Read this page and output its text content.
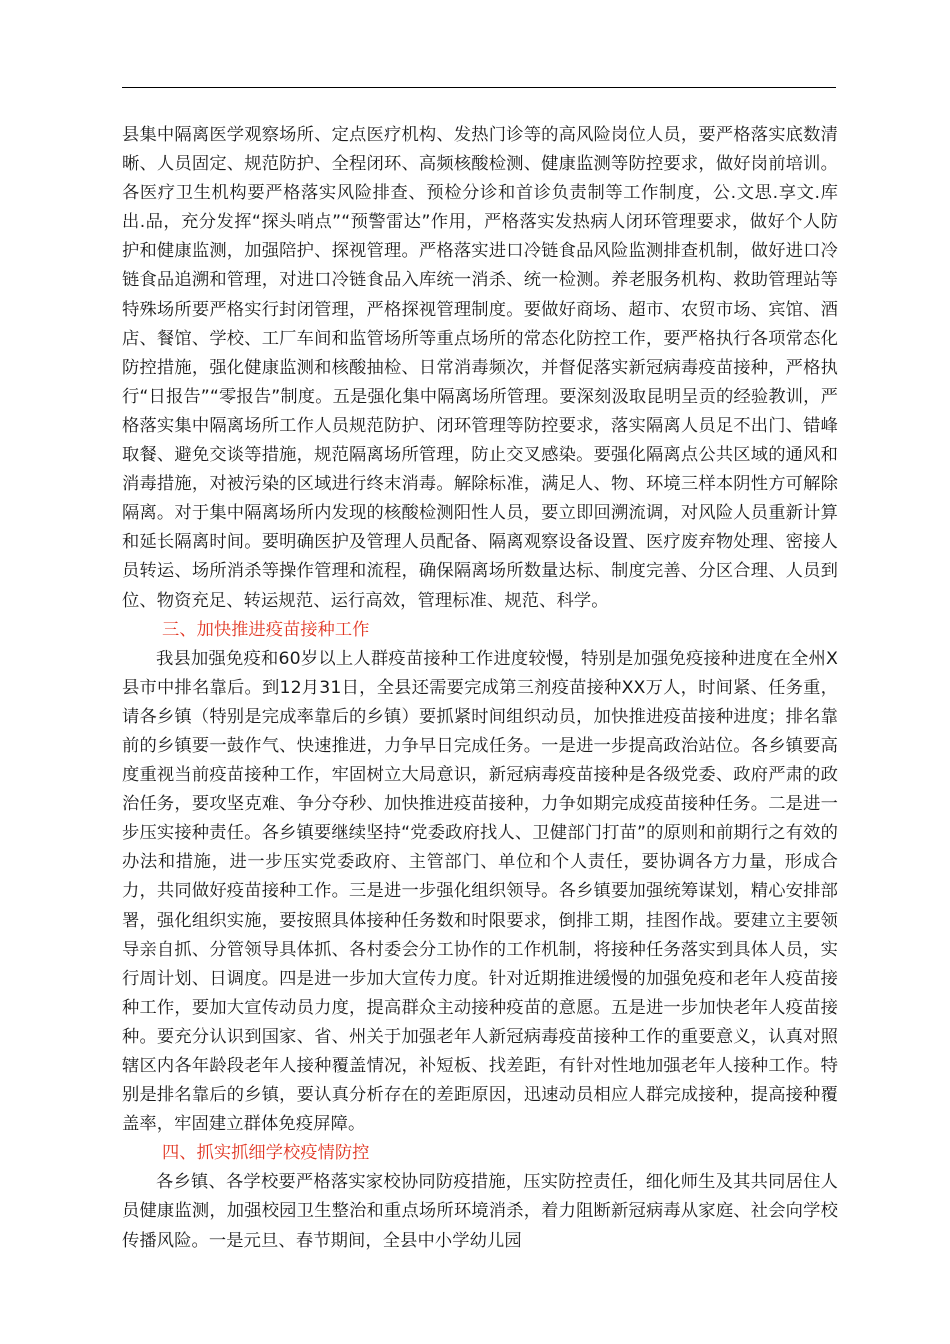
县集中隔离医学观察场所、定点医疗机构、发热门诊等的高风险岗位人员，要严格落实底数清晰、人员固定、规范防护、全程闭环、高频核酸检测、健康监测等防控要求，做好岗前培训。各医疗卫生机构要严格落实风险排查、预检分诊和首诊负责制等工作制度，公.文思.享文.库出.品，充分发挥“探头哨点”“预警雷达”作用，严格落实发热病人闭环管理要求，做好个人防护和健康监测，加强陪护、探视管理。严格落实进口冷链食品风险监测排查机制，做好进口冷链食品追溯和管理，对进口冷链食品入库统一消杀、统一检测。养老服务机构、救助管理站等特殊场所要严格实行封闭管理，严格探视管理制度。要做好商场、超市、农贸市场、宾馆、酒店、餐馆、学校、工厂车间和监管场所等重点场所的常态化防控工作，要严格执行各项常态化防控措施，强化健康监测和核酸抽检、日常消毒频次，并督促落实新冠病毒疫苗接种，严格执行“日报告”“零报告”制度。五是强化集中隔离场所管理。要深刻汲取昆明呈贡的经验教训，严格落实集中隔离场所工作人员规范防护、闭环管理等防控要求，落实隔离人员足不出门、错峰取餐、避免交谈等措施，规范隔离场所管理，防止交叉感染。要强化隔离点公共区域的通风和消毒措施，对被污染的区域进行终末消毒。解除标准，满足人、物、环境三样本阴性方可解除隔离。对于集中隔离场所内发现的核酸检测阳性人员，要立即回溯流调，对风险人员重新计算和延长隔离时间。要明确医护及管理人员配备、隔离观察设备设置、医疗废弃物处理、密接人员转运、场所消杀等操作管理和流程，确保隔离场所数量达标、制度完善、分区合理、人员到位、物资充足、转运规范、运行高效，管理标准、规范、科学。

三、加快推进疫苗接种工作

我县加强免疫和60岁以上人群疫苗接种工作进度较慢，特别是加强免疫接种进度在全州X县市中排名靠后。到12月31日，全县还需要完成第三剂疫苗接种XX万人，时间紧、任务重，请各乡镇（特别是完成率靠后的乡镇）要抓紧时间组织动员，加快推进疫苗接种进度；排名靠前的乡镇要一鼓作气、快速推进，力争早日完成任务。一是进一步提高政治站位。各乡镇要高度重视当前疫苗接种工作，牢固树立大局意识，新冠病毒疫苗接种是各级党委、政府严肃的政治任务，要攻坚克难、争分夺秒、加快推进疫苗接种，力争如期完成疫苗接种任务。二是进一步压实接种责任。各乡镇要继续坚持“党委政府找人、卫健部门打苗”的原则和前期行之有效的办法和措施，进一步压实党委政府、主管部门、单位和个人责任，要协调各方力量，形成合力，共同做好疫苗接种工作。三是进一步强化组织领导。各乡镇要加强统筹谋划，精心安排部署，强化组织实施，要按照具体接种任务数和时限要求，倒排工期，挂图作战。要建立主要领导亲自抓、分管领导具体抓、各村委会分工协作的工作机制，将接种任务落实到具体人员，实行周计划、日调度。四是进一步加大宣传力度。针对近期推进缓慢的加强免疫和老年人疫苗接种工作，要加大宣传动员力度，提高群众主动接种疫苗的意愿。五是进一步加快老年人疫苗接种。要充分认识到国家、省、州关于加强老年人新冠病毒疫苗接种工作的重要意义，认真对照辖区内各年龄段老年人接种覆盖情况，补短板、找差距，有针对性地加强老年人接种工作。特别是排名靠后的乡镇，要认真分析存在的差距原因，迅速动员相应人群完成接种，提高接种覆盖率，牢固建立群体免疫屏障。

四、抓实抓细学校疫情防控

各乡镇、各学校要严格落实家校协同防疫措施，压实防控责任，细化师生及其共同居住人员健康监测，加强校园卫生整治和重点场所环境消杀，着力阻断新冠病毒从家庭、社会向学校传播风险。一是元旦、春节期间，全县中小学幼儿园
